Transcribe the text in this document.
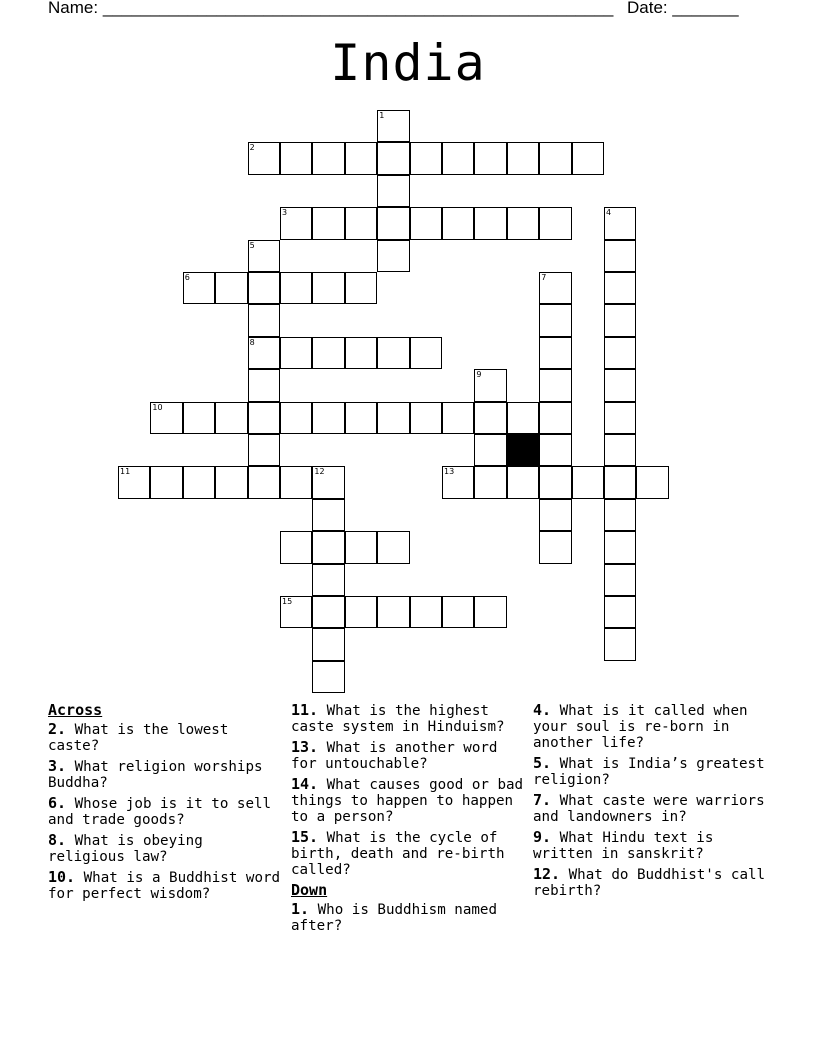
Name: ______________________________________________________ Date: _______
India
1
2
3	4
5
8
6	7
9
10
11	12	13
15
Across
2. What is the lowest caste?
3. What religion worships Buddha?
6. Whose job is it to sell and trade goods?
8. What is obeying religious law?
10. What is a Buddhist word for perfect wisdom?
11. What is the highest caste system in Hinduism?
13. What is another word for untouchable?
14. What causes good or bad things to happen to happen to a person?
15. What is the cycle of birth, death and re-birth called?
Down
1. Who is Buddhism named after?
4. What is it called when your soul is re-born in another life?
5. What is India’s greatest religion?
7. What caste were warriors and landowners in?
9. What Hindu text is written in sanskrit?
12. What do Buddhist's call rebirth?
